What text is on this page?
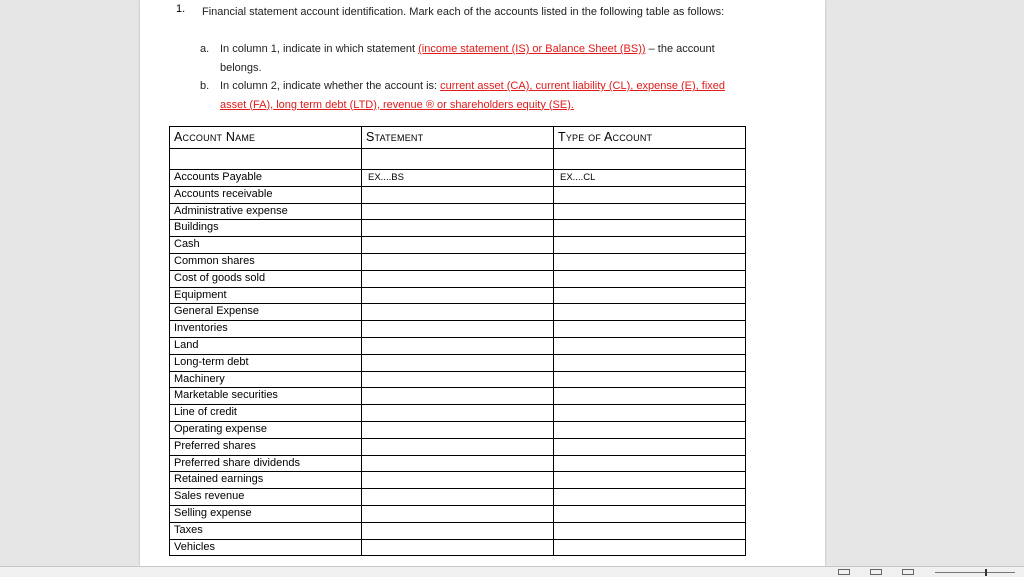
1. Financial statement account identification. Mark each of the accounts listed in the following table as follows:
a. In column 1, indicate in which statement (income statement (IS) or Balance Sheet (BS)) – the account belongs.
b. In column 2, indicate whether the account is: current asset (CA), current liability (CL), expense (E), fixed asset (FA), long term debt (LTD), revenue ® or shareholders equity (SE).
Account Name	Statement	Type of Account

Accounts Payable	EX....BS	EX....CL
Accounts receivable		
Administrative expense		
Buildings		
Cash		
Common shares		
Cost of goods sold		
Equipment		
General Expense		
Inventories		
Land		
Long-term debt		
Machinery		
Marketable securities		
Line of credit		
Operating expense		
Preferred shares		
Preferred share dividends		
Retained earnings		
Sales revenue		
Selling expense		
Taxes		
Vehicles		
